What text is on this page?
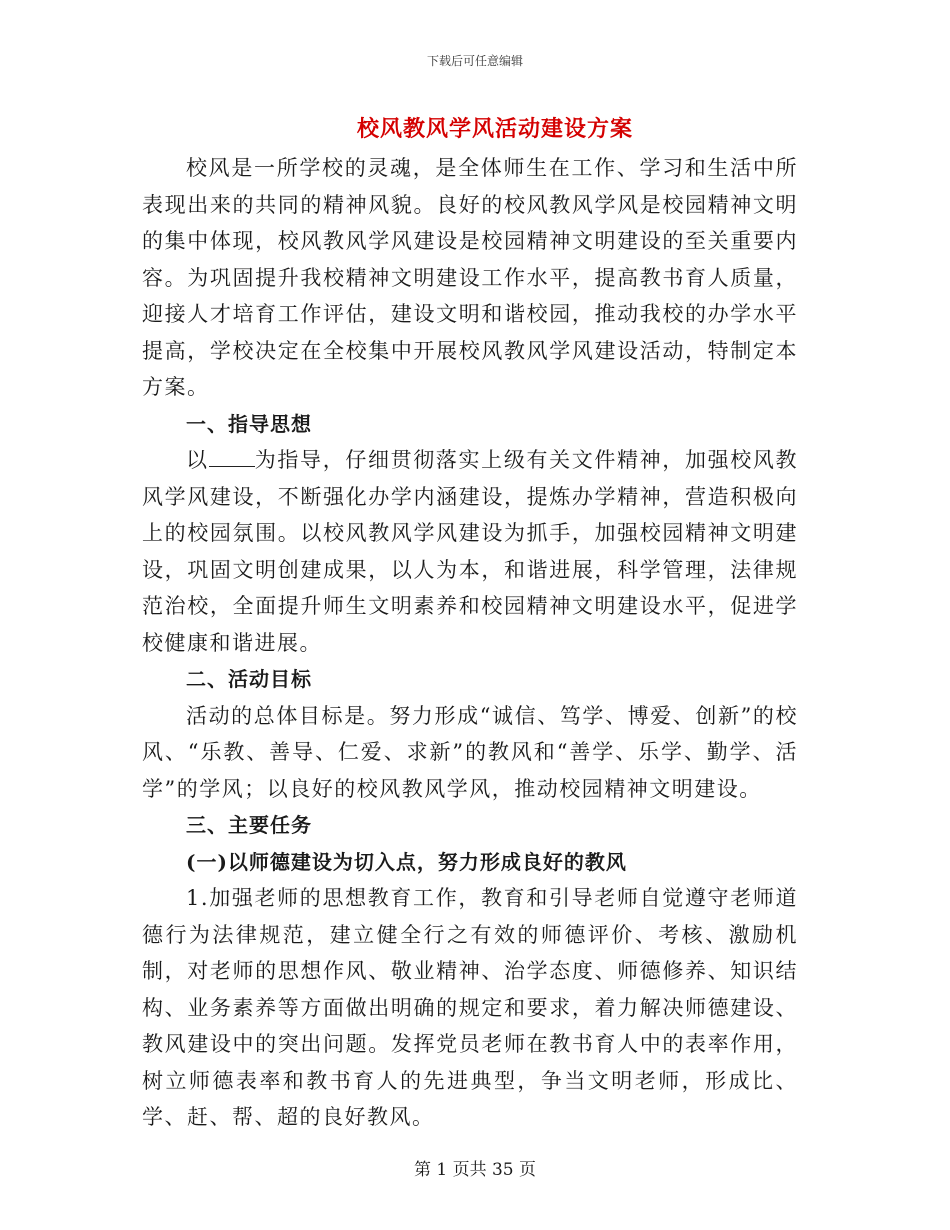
下载后可任意编辑
校风教风学风活动建设方案

校风是一所学校的灵魂，是全体师生在工作、学习和生活中所表现出来的共同的精神风貌。良好的校风教风学风是校园精神文明的集中体现，校风教风学风建设是校园精神文明建设的至关重要内容。为巩固提升我校精神文明建设工作水平，提高教书育人质量，迎接人才培育工作评估，建设文明和谐校园，推动我校的办学水平提高，学校决定在全校集中开展校风教风学风建设活动，特制定本方案。

一、指导思想

以 为指导，仔细贯彻落实上级有关文件精神，加强校风教风学风建设，不断强化办学内涵建设，提炼办学精神，营造积极向上的校园氛围。以校风教风学风建设为抓手，加强校园精神文明建设，巩固文明创建成果，以人为本，和谐进展，科学管理，法律规范治校，全面提升师生文明素养和校园精神文明建设水平，促进学校健康和谐进展。

二、活动目标

活动的总体目标是。努力形成“诚信、笃学、博爱、创新”的校风、“乐教、善导、仁爱、求新”的教风和“善学、乐学、勤学、活学”的学风；以良好的校风教风学风，推动校园精神文明建设。

三、主要任务

(一)以师德建设为切入点，努力形成良好的教风

1.加强老师的思想教育工作，教育和引导老师自觉遵守老师道德行为法律规范，建立健全行之有效的师德评价、考核、激励机制，对老师的思想作风、敬业精神、治学态度、师德修养、知识结构、业务素养等方面做出明确的规定和要求，着力解决师德建设、教风建设中的突出问题。发挥党员老师在教书育人中的表率作用，树立师德表率和教书育人的先进典型，争当文明老师，形成比、学、赶、帮、超的良好教风。

第 1 页共 35 页
